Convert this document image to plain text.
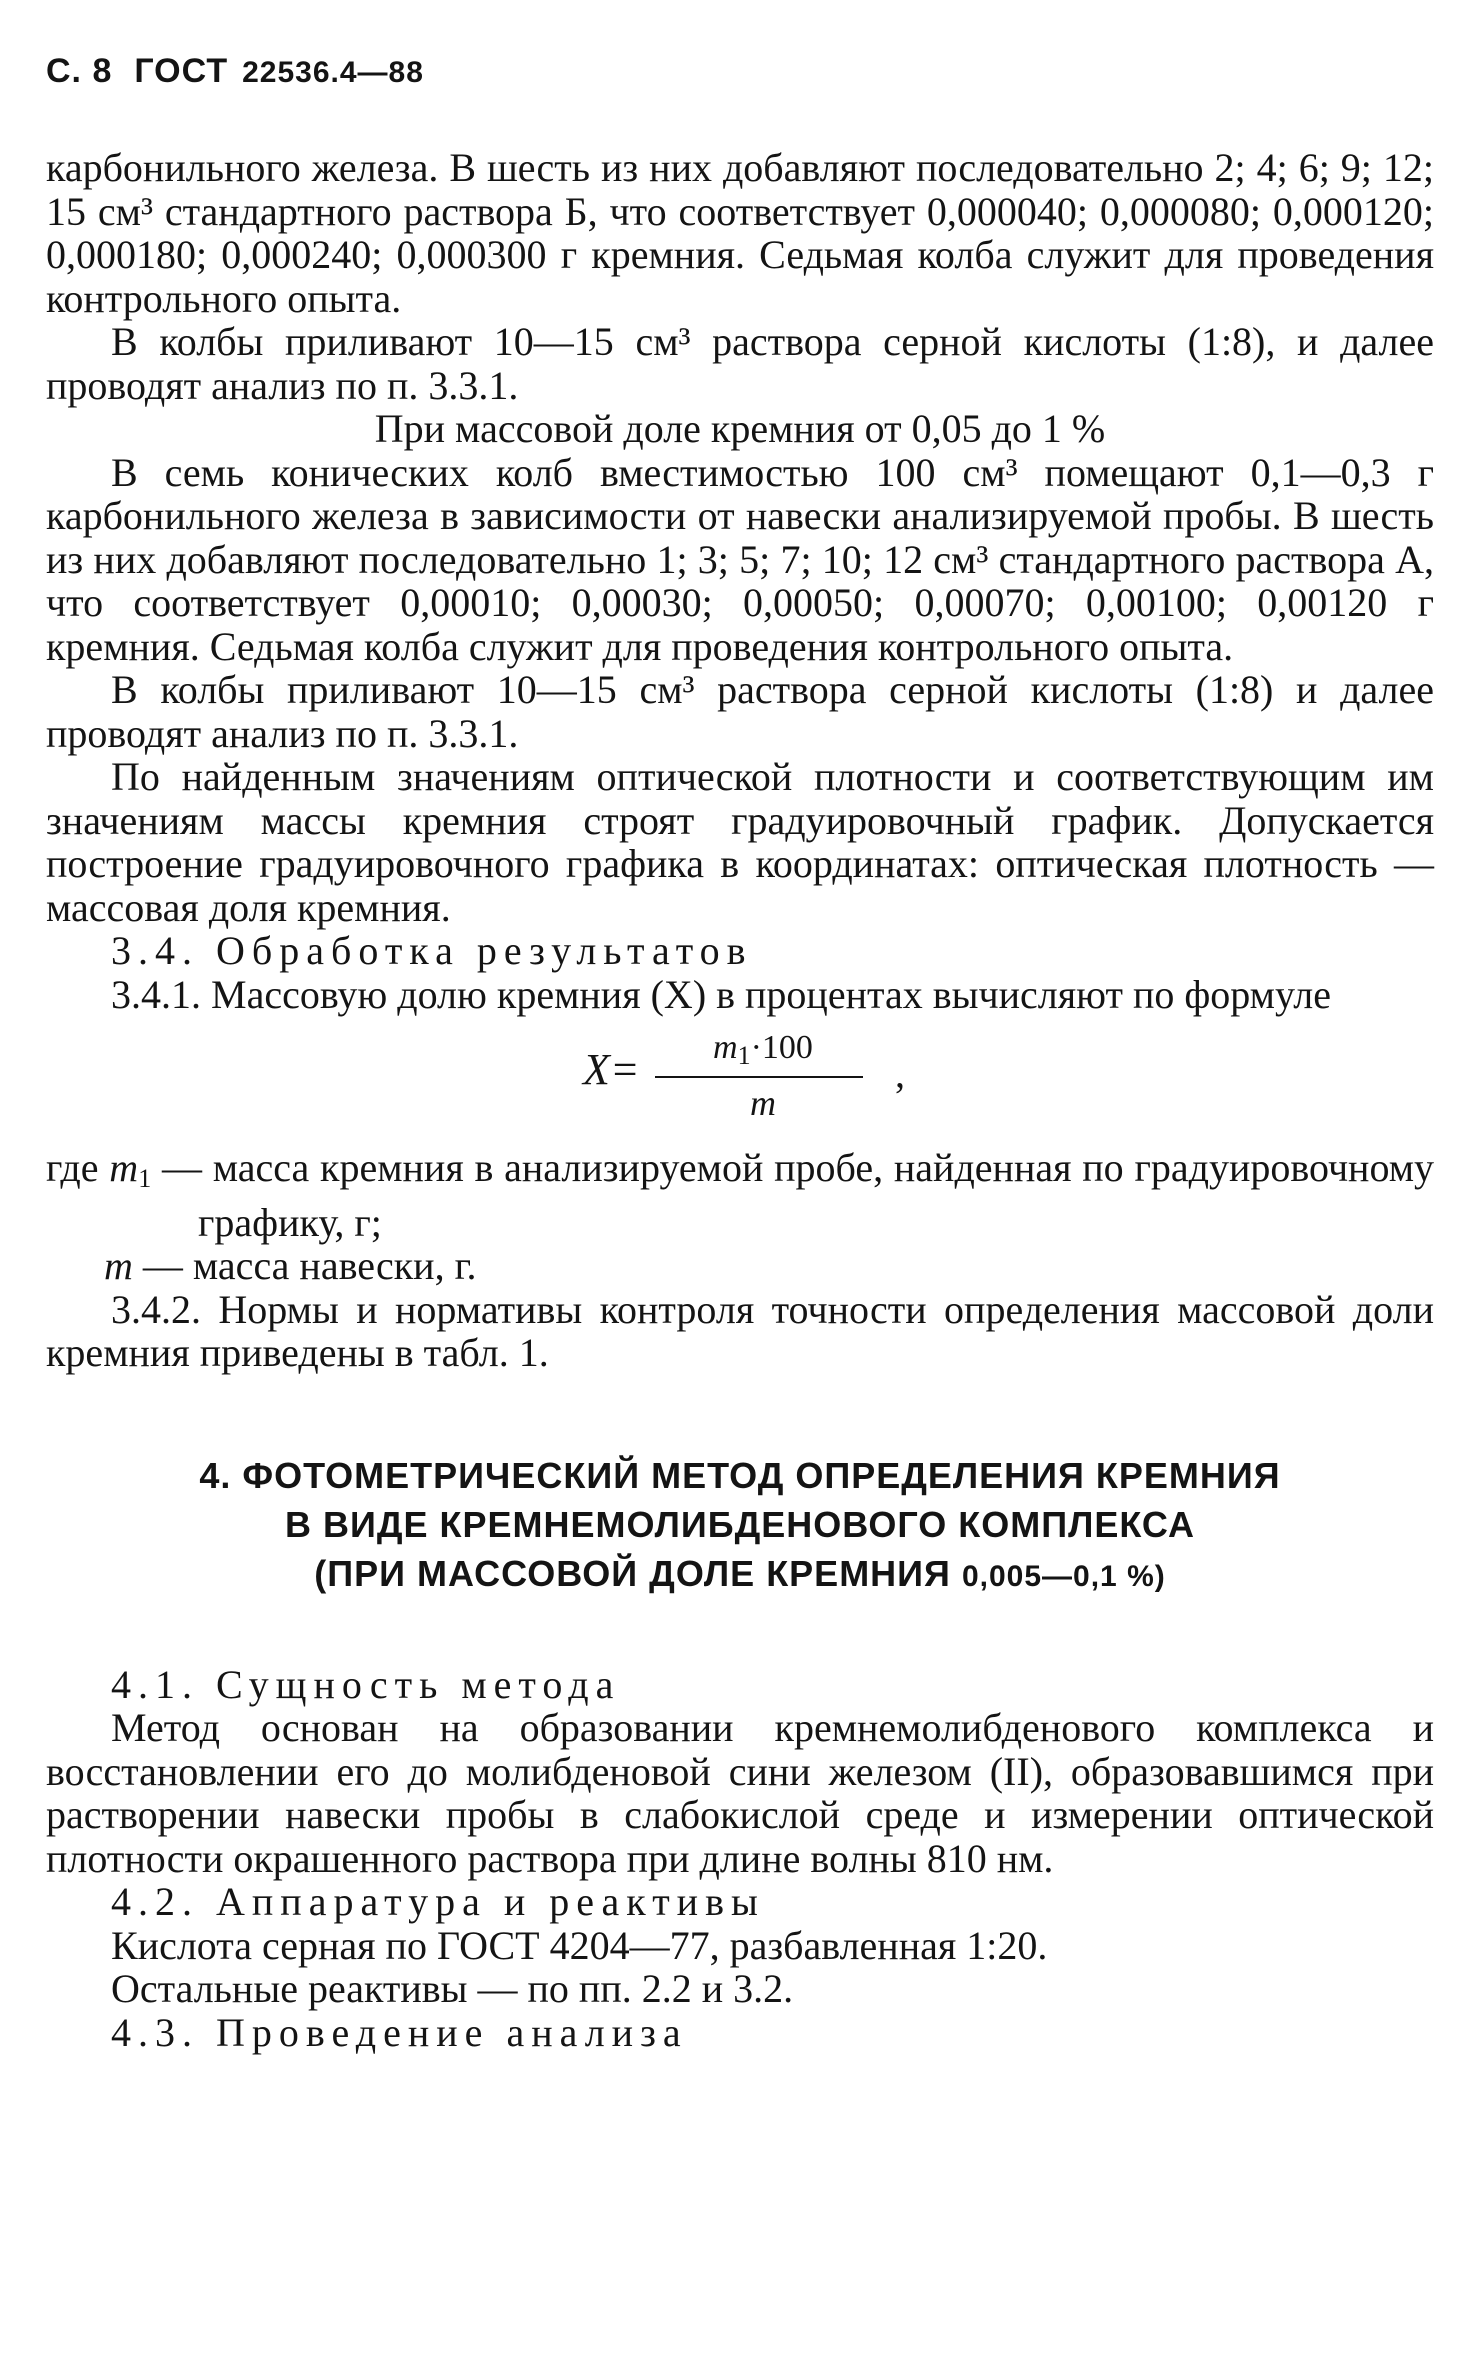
С. 8 ГОСТ 22536.4—88

карбонильного железа. В шесть из них добавляют последовательно 2; 4; 6; 9; 12; 15 см³ стандартного раствора Б, что соответствует 0,000040; 0,000080; 0,000120; 0,000180; 0,000240; 0,000300 г кремния. Седьмая колба служит для проведения контрольного опыта.

В колбы приливают 10—15 см³ раствора серной кислоты (1:8), и далее проводят анализ по п. 3.3.1.

При массовой доле кремния от 0,05 до 1 %

В семь конических колб вместимостью 100 см³ помещают 0,1—0,3 г карбонильного железа в зависимости от навески анализируемой пробы. В шесть из них добавляют последовательно 1; 3; 5; 7; 10; 12 см³ стандартного раствора А, что соответствует 0,00010; 0,00030; 0,00050; 0,00070; 0,00100; 0,00120 г кремния. Седьмая колба служит для проведения контрольного опыта.

В колбы приливают 10—15 см³ раствора серной кислоты (1:8) и далее проводят анализ по п. 3.3.1.

По найденным значениям оптической плотности и соответствующим им значениям массы кремния строят градуировочный график. Допускается построение градуировочного графика в координатах: оптическая плотность — массовая доля кремния.

3.4. Обработка результатов

3.4.1. Массовую долю кремния (X) в процентах вычисляют по формуле

X=	$m_1\cdot 100$
m
,

где $m_1$ — масса кремния в анализируемой пробе, найденная по градуировочному графику, г;

m — масса навески, г.

3.4.2. Нормы и нормативы контроля точности определения массовой доли кремния приведены в табл. 1.

4. ФОТОМЕТРИЧЕСКИЙ МЕТОД ОПРЕДЕЛЕНИЯ КРЕМНИЯ
В ВИДЕ КРЕМНЕМОЛИБДЕНОВОГО КОМПЛЕКСА
(ПРИ МАССОВОЙ ДОЛЕ КРЕМНИЯ 0,005—0,1 %)

4.1. Сущность метода

Метод основан на образовании кремнемолибденового комплекса и восстановлении его до молибденовой сини железом (II), образовавшимся при растворении навески пробы в слабокислой среде и измерении оптической плотности окрашенного раствора при длине волны 810 нм.

4.2. Аппаратура и реактивы

Кислота серная по ГОСТ 4204—77, разбавленная 1:20.

Остальные реактивы — по пп. 2.2 и 3.2.

4.3. Проведение анализа
